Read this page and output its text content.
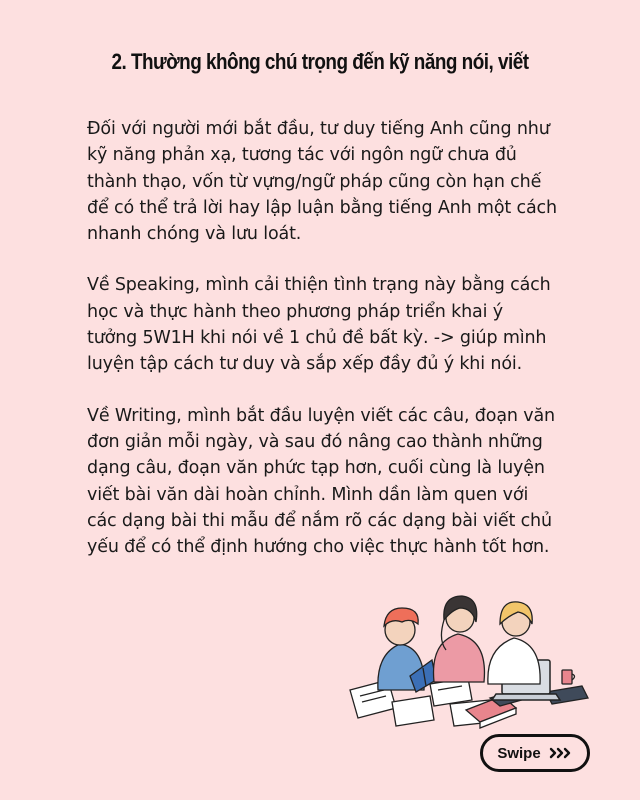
2. Thường không chú trọng đến kỹ năng nói, viết

Đối với người mới bắt đầu, tư duy tiếng Anh cũng như kỹ năng phản xạ, tương tác với ngôn ngữ chưa đủ thành thạo, vốn từ vựng/ngữ pháp cũng còn hạn chế để có thể trả lời hay lập luận bằng tiếng Anh một cách nhanh chóng và lưu loát.

Về Speaking, mình cải thiện tình trạng này bằng cách học và thực hành theo phương pháp triển khai ý tưởng 5W1H khi nói về 1 chủ đề bất kỳ. -> giúp mình luyện tập cách tư duy và sắp xếp đầy đủ ý khi nói.

Về Writing, mình bắt đầu luyện viết các câu, đoạn văn đơn giản mỗi ngày, và sau đó nâng cao thành những dạng câu, đoạn văn phức tạp hơn, cuối cùng là luyện viết bài văn dài hoàn chỉnh. Mình dần làm quen với các dạng bài thi mẫu để nắm rõ các dạng bài viết chủ yếu để có thể định hướng cho việc thực hành tốt hơn.

Swipe
